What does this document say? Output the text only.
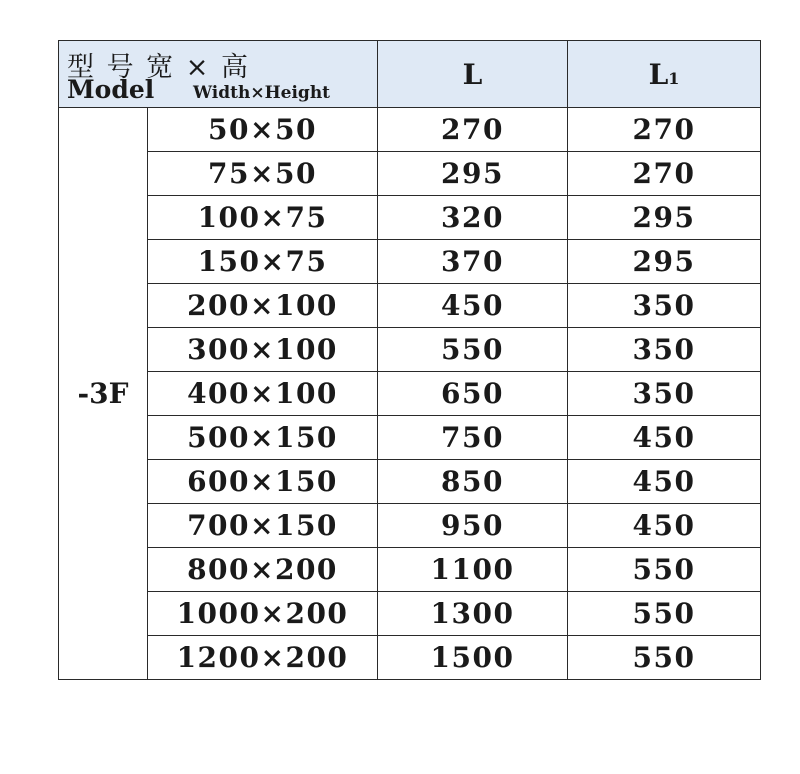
型 号 宽 × 高
Model Width×Height		L	L1
-3F	50×50	270	270
	75×50	295	270
	100×75	320	295
	150×75	370	295
	200×100	450	350
	300×100	550	350
	400×100	650	350
	500×150	750	450
	600×150	850	450
	700×150	950	450
	800×200	1100	550
	1000×200	1300	550
	1200×200	1500	550
